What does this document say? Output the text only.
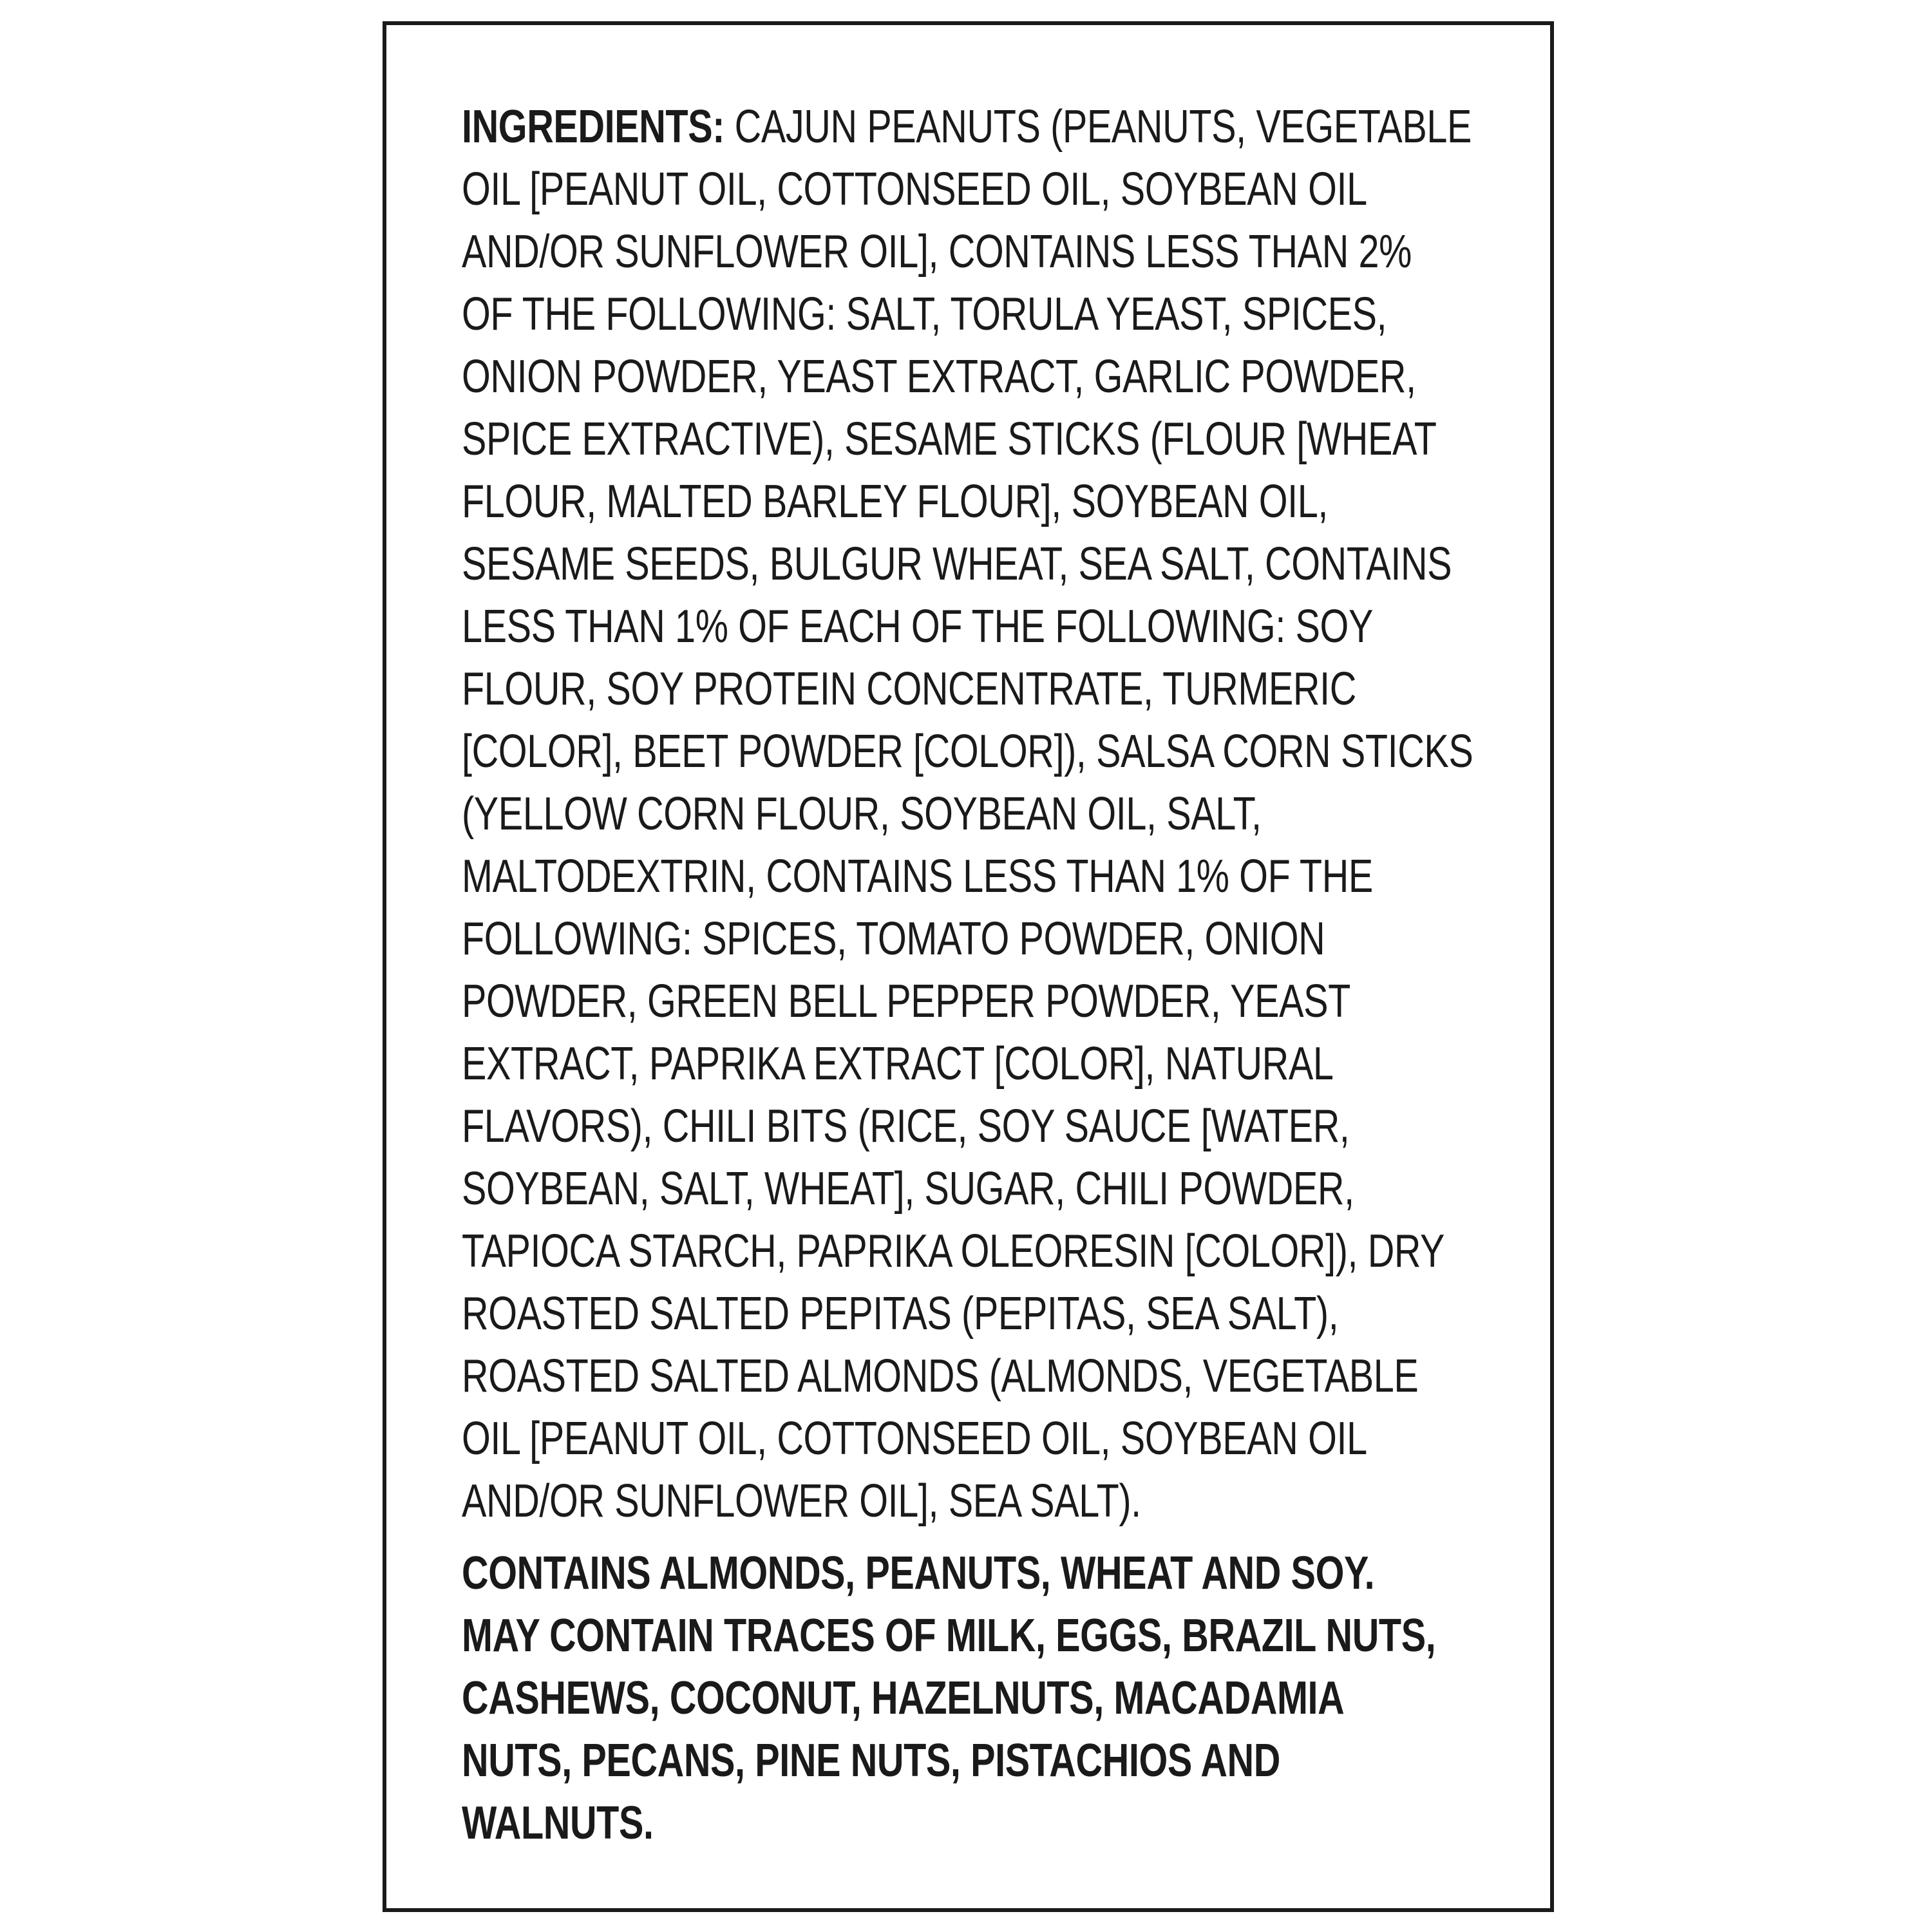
INGREDIENTS: CAJUN PEANUTS (PEANUTS, VEGETABLE
OIL [PEANUT OIL, COTTONSEED OIL, SOYBEAN OIL
AND/OR SUNFLOWER OIL], CONTAINS LESS THAN 2%
OF THE FOLLOWING: SALT, TORULA YEAST, SPICES,
ONION POWDER, YEAST EXTRACT, GARLIC POWDER,
SPICE EXTRACTIVE), SESAME STICKS (FLOUR [WHEAT
FLOUR, MALTED BARLEY FLOUR], SOYBEAN OIL,
SESAME SEEDS, BULGUR WHEAT, SEA SALT, CONTAINS
LESS THAN 1% OF EACH OF THE FOLLOWING: SOY
FLOUR, SOY PROTEIN CONCENTRATE, TURMERIC
[COLOR], BEET POWDER [COLOR]), SALSA CORN STICKS
(YELLOW CORN FLOUR, SOYBEAN OIL, SALT,
MALTODEXTRIN, CONTAINS LESS THAN 1% OF THE
FOLLOWING: SPICES, TOMATO POWDER, ONION
POWDER, GREEN BELL PEPPER POWDER, YEAST
EXTRACT, PAPRIKA EXTRACT [COLOR], NATURAL
FLAVORS), CHILI BITS (RICE, SOY SAUCE [WATER,
SOYBEAN, SALT, WHEAT], SUGAR, CHILI POWDER,
TAPIOCA STARCH, PAPRIKA OLEORESIN [COLOR]), DRY
ROASTED SALTED PEPITAS (PEPITAS, SEA SALT),
ROASTED SALTED ALMONDS (ALMONDS, VEGETABLE
OIL [PEANUT OIL, COTTONSEED OIL, SOYBEAN OIL
AND/OR SUNFLOWER OIL], SEA SALT).
CONTAINS ALMONDS, PEANUTS, WHEAT AND SOY.
MAY CONTAIN TRACES OF MILK, EGGS, BRAZIL NUTS,
CASHEWS, COCONUT, HAZELNUTS, MACADAMIA
NUTS, PECANS, PINE NUTS, PISTACHIOS AND
WALNUTS.
